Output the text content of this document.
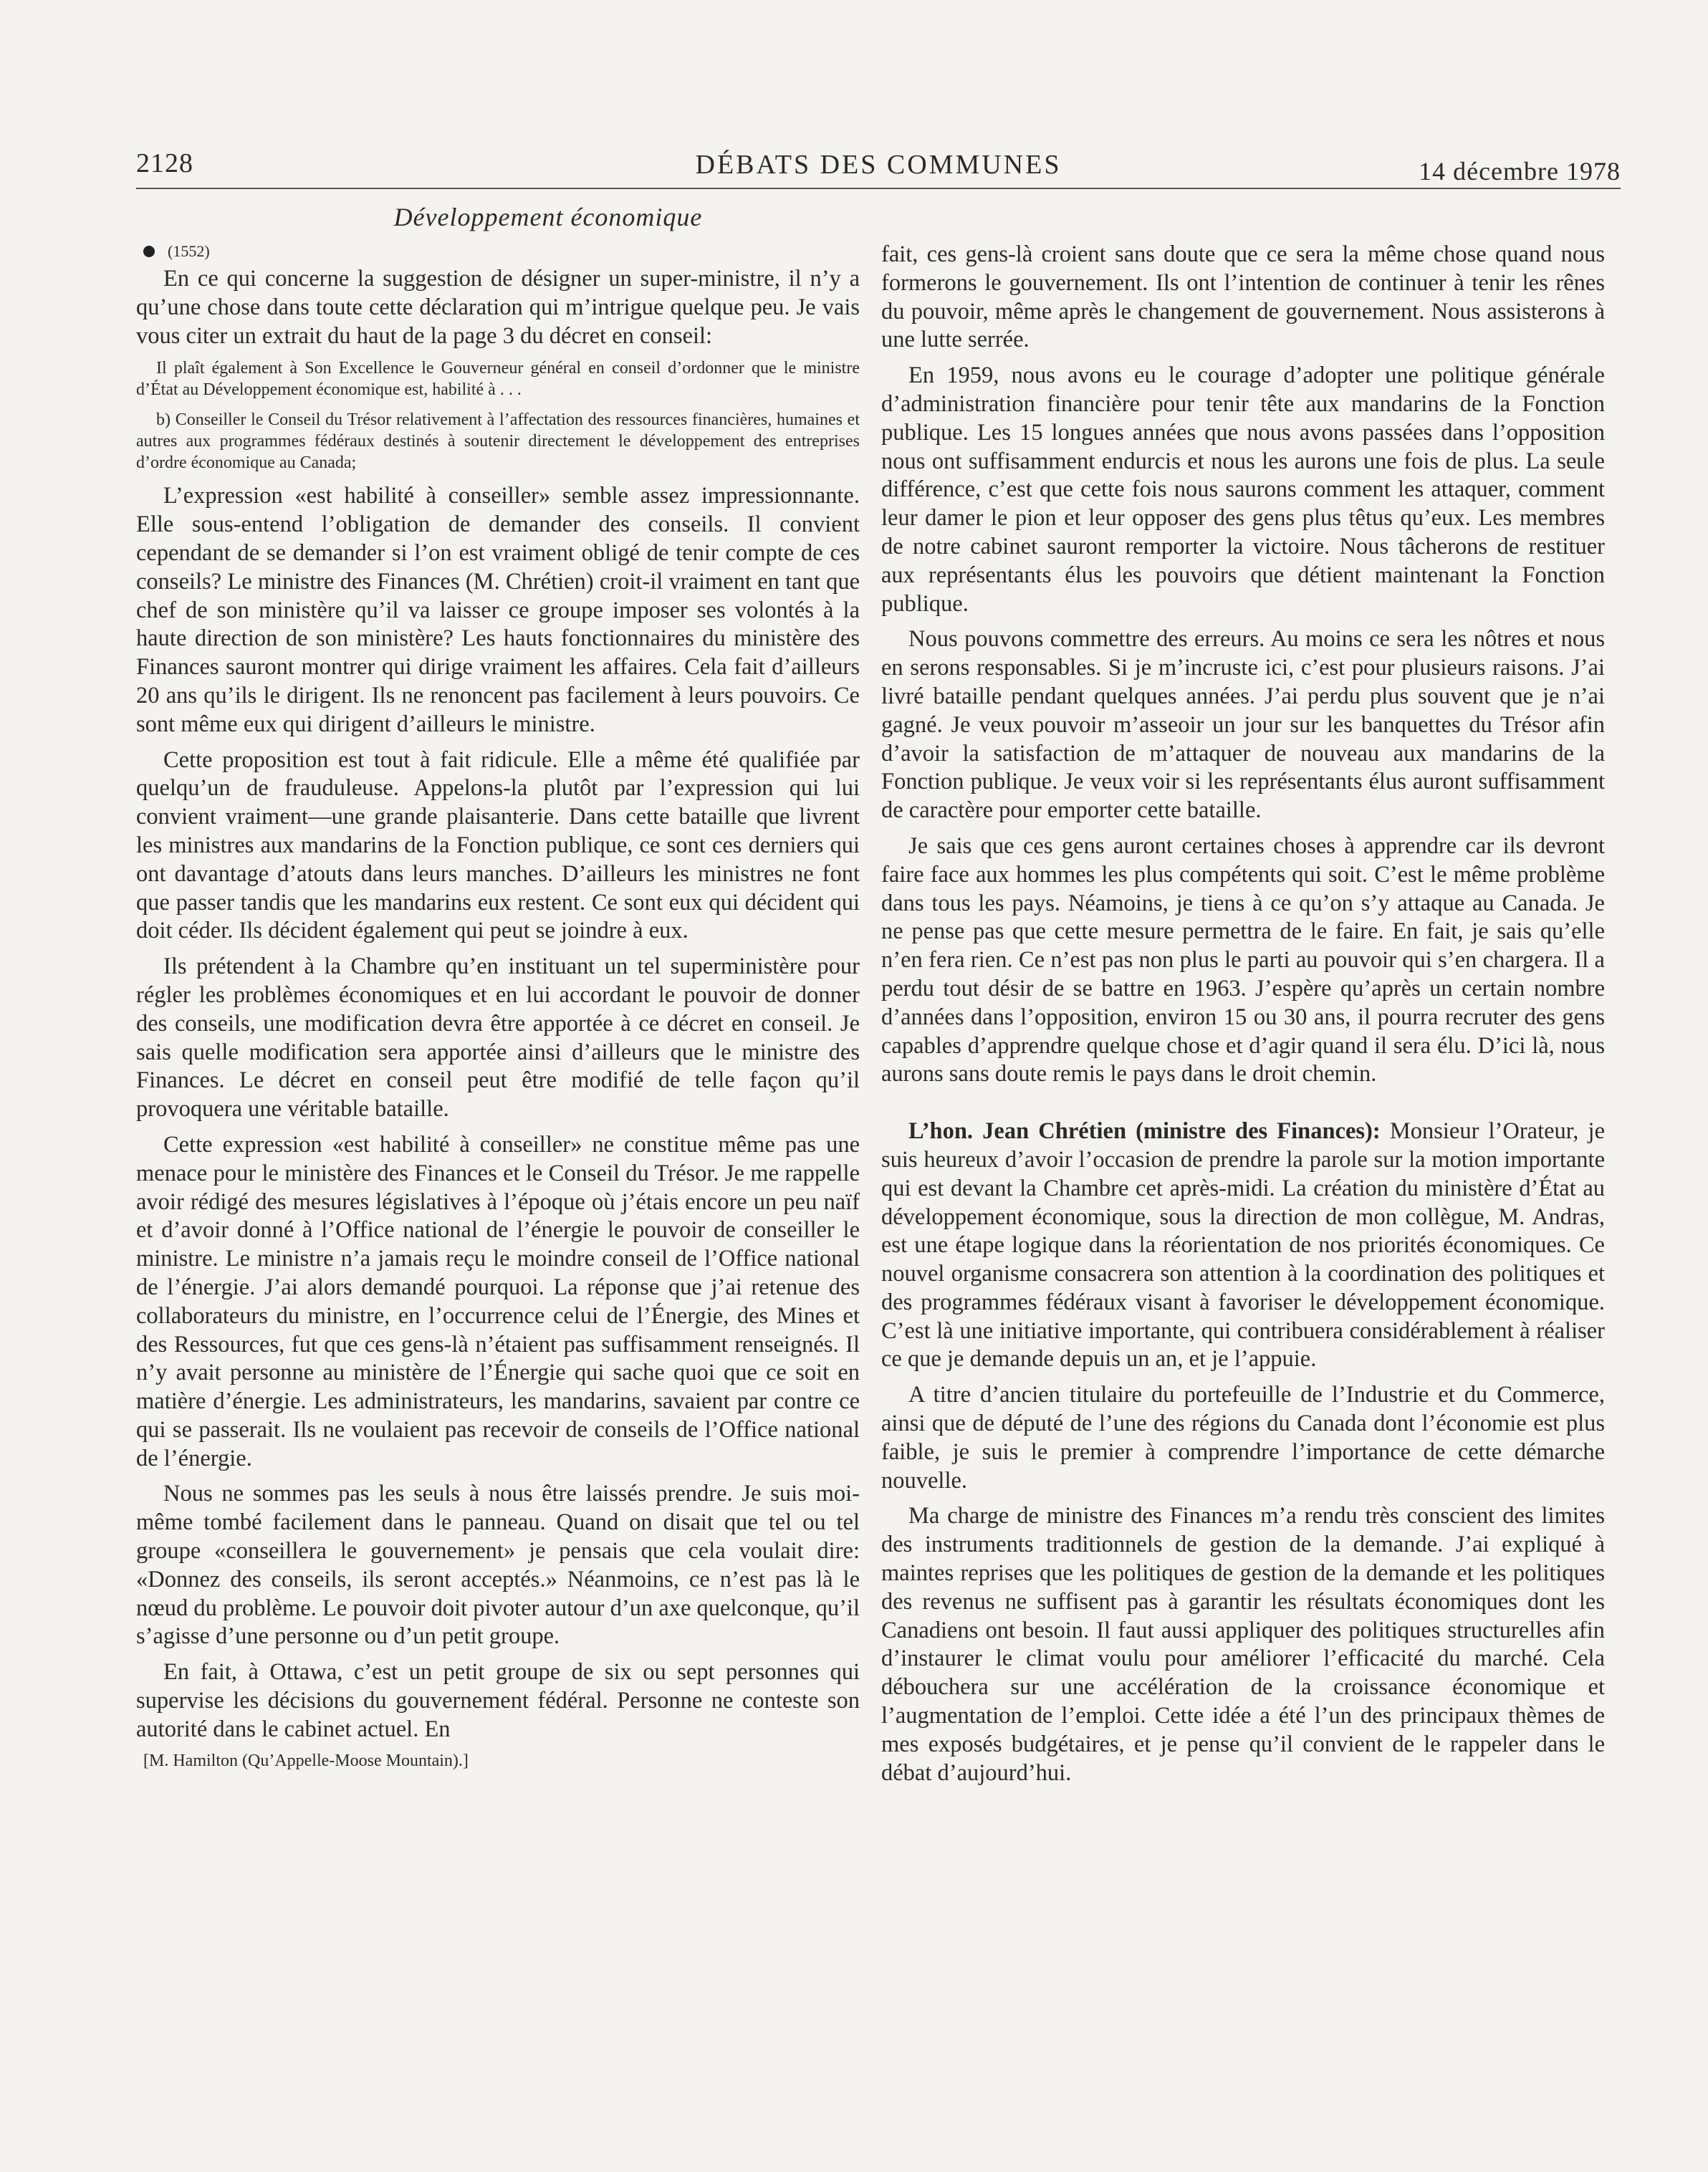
2128	DÉBATS DES COMMUNES	14 décembre 1978
Développement économique
(1552)

En ce qui concerne la suggestion de désigner un super-ministre, il n’y a qu’une chose dans toute cette déclaration qui m’intrigue quelque peu. Je vais vous citer un extrait du haut de la page 3 du décret en conseil:

Il plaît également à Son Excellence le Gouverneur général en conseil d’ordonner que le ministre d’État au Développement économique est, habilité à . . .

b) Conseiller le Conseil du Trésor relativement à l’affectation des ressources financières, humaines et autres aux programmes fédéraux destinés à soutenir directement le développement des entreprises d’ordre économique au Canada;

L’expression «est habilité à conseiller» semble assez impressionnante. Elle sous-entend l’obligation de demander des conseils. Il convient cependant de se demander si l’on est vraiment obligé de tenir compte de ces conseils? Le ministre des Finances (M. Chrétien) croit-il vraiment en tant que chef de son ministère qu’il va laisser ce groupe imposer ses volontés à la haute direction de son ministère? Les hauts fonctionnaires du ministère des Finances sauront montrer qui dirige vraiment les affaires. Cela fait d’ailleurs 20 ans qu’ils le dirigent. Ils ne renoncent pas facilement à leurs pouvoirs. Ce sont même eux qui dirigent d’ailleurs le ministre.

Cette proposition est tout à fait ridicule. Elle a même été qualifiée par quelqu’un de frauduleuse. Appelons-la plutôt par l’expression qui lui convient vraiment—une grande plaisanterie. Dans cette bataille que livrent les ministres aux mandarins de la Fonction publique, ce sont ces derniers qui ont davantage d’atouts dans leurs manches. D’ailleurs les ministres ne font que passer tandis que les mandarins eux restent. Ce sont eux qui décident qui doit céder. Ils décident également qui peut se joindre à eux.

Ils prétendent à la Chambre qu’en instituant un tel superministère pour régler les problèmes économiques et en lui accordant le pouvoir de donner des conseils, une modification devra être apportée à ce décret en conseil. Je sais quelle modification sera apportée ainsi d’ailleurs que le ministre des Finances. Le décret en conseil peut être modifié de telle façon qu’il provoquera une véritable bataille.

Cette expression «est habilité à conseiller» ne constitue même pas une menace pour le ministère des Finances et le Conseil du Trésor. Je me rappelle avoir rédigé des mesures législatives à l’époque où j’étais encore un peu naïf et d’avoir donné à l’Office national de l’énergie le pouvoir de conseiller le ministre. Le ministre n’a jamais reçu le moindre conseil de l’Office national de l’énergie. J’ai alors demandé pourquoi. La réponse que j’ai retenue des collaborateurs du ministre, en l’occurrence celui de l’Énergie, des Mines et des Ressources, fut que ces gens-là n’étaient pas suffisamment renseignés. Il n’y avait personne au ministère de l’Énergie qui sache quoi que ce soit en matière d’énergie. Les administrateurs, les mandarins, savaient par contre ce qui se passerait. Ils ne voulaient pas recevoir de conseils de l’Office national de l’énergie.

Nous ne sommes pas les seuls à nous être laissés prendre. Je suis moi-même tombé facilement dans le panneau. Quand on disait que tel ou tel groupe «conseillera le gouvernement» je pensais que cela voulait dire: «Donnez des conseils, ils seront acceptés.» Néanmoins, ce n’est pas là le nœud du problème. Le pouvoir doit pivoter autour d’un axe quelconque, qu’il s’agisse d’une personne ou d’un petit groupe.

En fait, à Ottawa, c’est un petit groupe de six ou sept personnes qui supervise les décisions du gouvernement fédéral. Personne ne conteste son autorité dans le cabinet actuel. En

[M. Hamilton (Qu’Appelle-Moose Mountain).]

fait, ces gens-là croient sans doute que ce sera la même chose quand nous formerons le gouvernement. Ils ont l’intention de continuer à tenir les rênes du pouvoir, même après le changement de gouvernement. Nous assisterons à une lutte serrée.

En 1959, nous avons eu le courage d’adopter une politique générale d’administration financière pour tenir tête aux mandarins de la Fonction publique. Les 15 longues années que nous avons passées dans l’opposition nous ont suffisamment endurcis et nous les aurons une fois de plus. La seule différence, c’est que cette fois nous saurons comment les attaquer, comment leur damer le pion et leur opposer des gens plus têtus qu’eux. Les membres de notre cabinet sauront remporter la victoire. Nous tâcherons de restituer aux représentants élus les pouvoirs que détient maintenant la Fonction publique.

Nous pouvons commettre des erreurs. Au moins ce sera les nôtres et nous en serons responsables. Si je m’incruste ici, c’est pour plusieurs raisons. J’ai livré bataille pendant quelques années. J’ai perdu plus souvent que je n’ai gagné. Je veux pouvoir m’asseoir un jour sur les banquettes du Trésor afin d’avoir la satisfaction de m’attaquer de nouveau aux mandarins de la Fonction publique. Je veux voir si les représentants élus auront suffisamment de caractère pour emporter cette bataille.

Je sais que ces gens auront certaines choses à apprendre car ils devront faire face aux hommes les plus compétents qui soit. C’est le même problème dans tous les pays. Néamoins, je tiens à ce qu’on s’y attaque au Canada. Je ne pense pas que cette mesure permettra de le faire. En fait, je sais qu’elle n’en fera rien. Ce n’est pas non plus le parti au pouvoir qui s’en chargera. Il a perdu tout désir de se battre en 1963. J’espère qu’après un certain nombre d’années dans l’opposition, environ 15 ou 30 ans, il pourra recruter des gens capables d’apprendre quelque chose et d’agir quand il sera élu. D’ici là, nous aurons sans doute remis le pays dans le droit chemin.

L’hon. Jean Chrétien (ministre des Finances): Monsieur l’Orateur, je suis heureux d’avoir l’occasion de prendre la parole sur la motion importante qui est devant la Chambre cet après-midi. La création du ministère d’État au développement économique, sous la direction de mon collègue, M. Andras, est une étape logique dans la réorientation de nos priorités économiques. Ce nouvel organisme consacrera son attention à la coordination des politiques et des programmes fédéraux visant à favoriser le développement économique. C’est là une initiative importante, qui contribuera considérablement à réaliser ce que je demande depuis un an, et je l’appuie.

A titre d’ancien titulaire du portefeuille de l’Industrie et du Commerce, ainsi que de député de l’une des régions du Canada dont l’économie est plus faible, je suis le premier à comprendre l’importance de cette démarche nouvelle.

Ma charge de ministre des Finances m’a rendu très conscient des limites des instruments traditionnels de gestion de la demande. J’ai expliqué à maintes reprises que les politiques de gestion de la demande et les politiques des revenus ne suffisent pas à garantir les résultats économiques dont les Canadiens ont besoin. Il faut aussi appliquer des politiques structurelles afin d’instaurer le climat voulu pour améliorer l’efficacité du marché. Cela débouchera sur une accélération de la croissance économique et l’augmentation de l’emploi. Cette idée a été l’un des principaux thèmes de mes exposés budgétaires, et je pense qu’il convient de le rappeler dans le débat d’aujourd’hui.
